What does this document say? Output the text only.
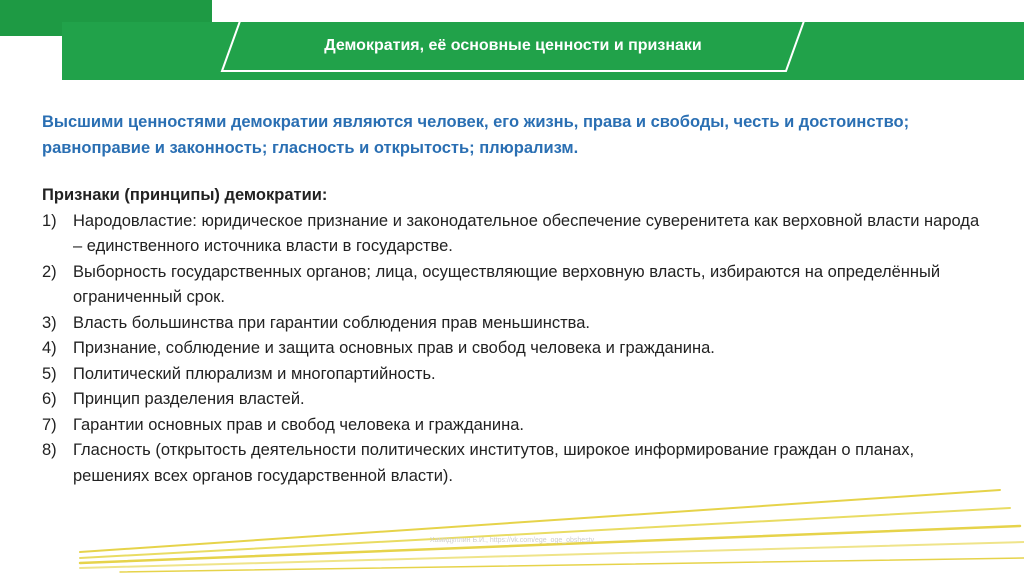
Демократия, её основные ценности и признаки

Высшими ценностями демократии являются человек, его жизнь, права и свободы, честь и достоинство; равноправие и законность; гласность и открытость; плюрализм.

Признаки (принципы) демократии:

1) Народовластие: юридическое признание и законодательное обеспечение суверенитета как верховной власти народа – единственного источника власти в государстве.
2) Выборность государственных органов; лица, осуществляющие верховную власть, избираются на определённый ограниченный срок.
3) Власть большинства при гарантии соблюдения прав меньшинства.
4) Признание, соблюдение и защита основных прав и свобод человека и гражданина.
5) Политический плюрализм и многопартийность.
6) Принцип разделения властей.
7) Гарантии основных прав и свобод человека и гражданина.
8) Гласность (открытость деятельности политических институтов, широкое информирование граждан о планах, решениях всех органов государственной власти).
Хамидуллин Б.И., https://vk.com/ege_oge_obshestv
